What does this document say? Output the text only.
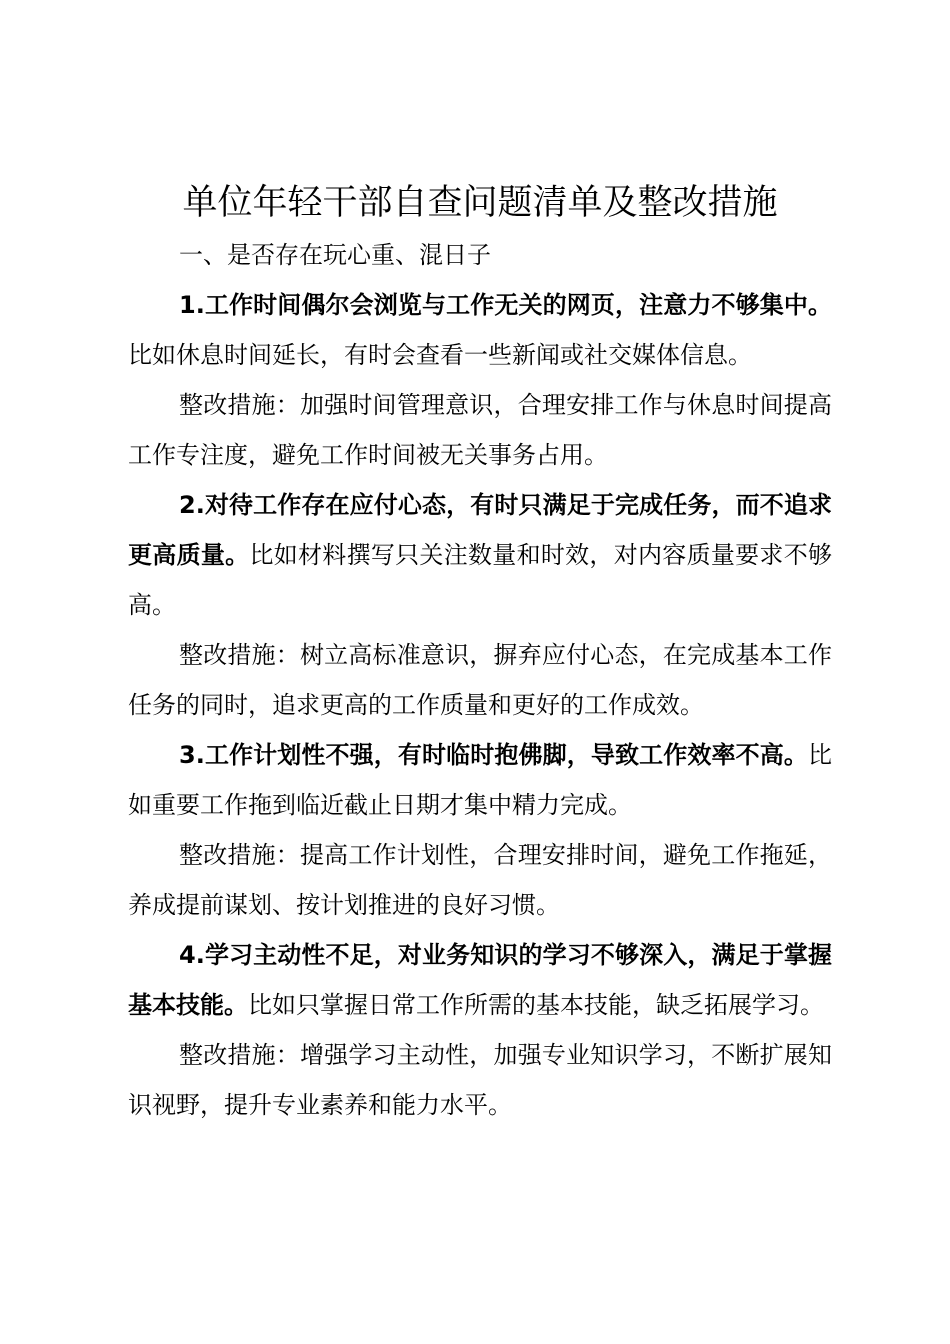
单位年轻干部自查问题清单及整改措施

一、是否存在玩心重、混日子

1.工作时间偶尔会浏览与工作无关的网页，注意力不够集中。比如休息时间延长，有时会查看一些新闻或社交媒体信息。

整改措施：加强时间管理意识，合理安排工作与休息时间提高工作专注度，避免工作时间被无关事务占用。

2.对待工作存在应付心态，有时只满足于完成任务，而不追求更高质量。比如材料撰写只关注数量和时效，对内容质量要求不够高。

整改措施：树立高标准意识，摒弃应付心态，在完成基本工作任务的同时，追求更高的工作质量和更好的工作成效。

3.工作计划性不强，有时临时抱佛脚，导致工作效率不高。比如重要工作拖到临近截止日期才集中精力完成。

整改措施：提高工作计划性，合理安排时间，避免工作拖延，养成提前谋划、按计划推进的良好习惯。

4.学习主动性不足，对业务知识的学习不够深入，满足于掌握基本技能。比如只掌握日常工作所需的基本技能，缺乏拓展学习。

整改措施：增强学习主动性，加强专业知识学习，不断扩展知识视野，提升专业素养和能力水平。
